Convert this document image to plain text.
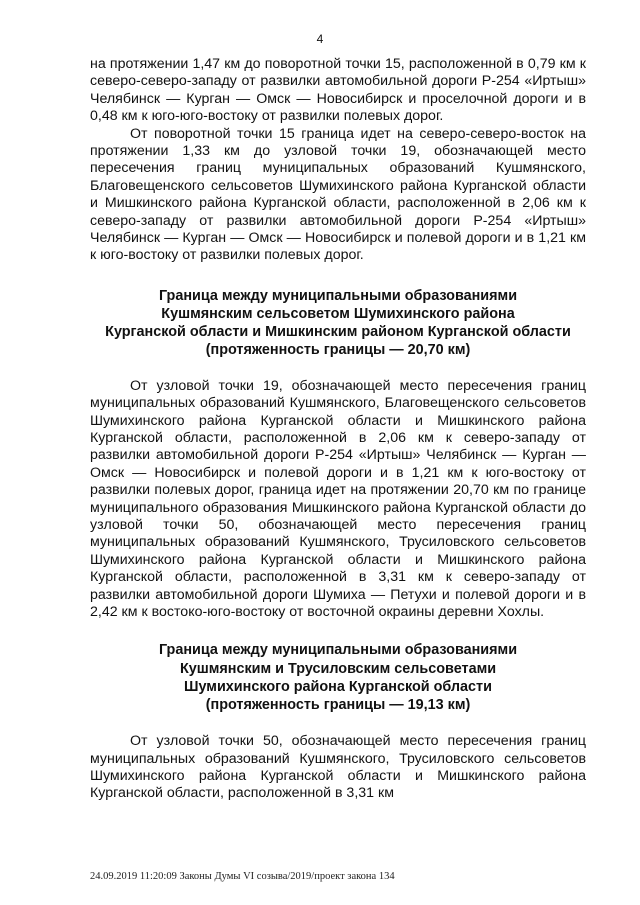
4

на протяжении 1,47 км до поворотной точки 15, расположенной в 0,79 км к северо-северо-западу от развилки автомобильной дороги Р-254 «Иртыш» Челябинск — Курган — Омск — Новосибирск и проселочной дороги и в 0,48 км к юго-юго-востоку от развилки полевых дорог.

От поворотной точки 15 граница идет на северо-северо-восток на протяжении 1,33 км до узловой точки 19, обозначающей место пересечения границ муниципальных образований Кушмянского, Благовещенского сельсоветов Шумихинского района Курганской области и Мишкинского района Курганской области, расположенной в 2,06 км к северо-западу от развилки автомобильной дороги Р-254 «Иртыш» Челябинск — Курган — Омск — Новосибирск и полевой дороги и в 1,21 км к юго-востоку от развилки полевых дорог.

Граница между муниципальными образованиями
Кушмянским сельсоветом Шумихинского района
Курганской области и Мишкинским районом Курганской области
(протяженность границы — 20,70 км)

От узловой точки 19, обозначающей место пересечения границ муниципальных образований Кушмянского, Благовещенского сельсоветов Шумихинского района Курганской области и Мишкинского района Курганской области, расположенной в 2,06 км к северо-западу от развилки автомобильной дороги Р-254 «Иртыш» Челябинск — Курган — Омск — Новосибирск и полевой дороги и в 1,21 км к юго-востоку от развилки полевых дорог, граница идет на протяжении 20,70 км по границе муниципального образования Мишкинского района Курганской области до узловой точки 50, обозначающей место пересечения границ муниципальных образований Кушмянского, Трусиловского сельсоветов Шумихинского района Курганской области и Мишкинского района Курганской области, расположенной в 3,31 км к северо-западу от развилки автомобильной дороги Шумиха — Петухи и полевой дороги и в 2,42 км к востоко-юго-востоку от восточной окраины деревни Хохлы.

Граница между муниципальными образованиями
Кушмянским и Трусиловским сельсоветами
Шумихинского района Курганской области
(протяженность границы — 19,13 км)

От узловой точки 50, обозначающей место пересечения границ муниципальных образований Кушмянского, Трусиловского сельсоветов Шумихинского района Курганской области и Мишкинского района Курганской области, расположенной в 3,31 км

24.09.2019 11:20:09 Законы Думы VI созыва/2019/проект закона 134
